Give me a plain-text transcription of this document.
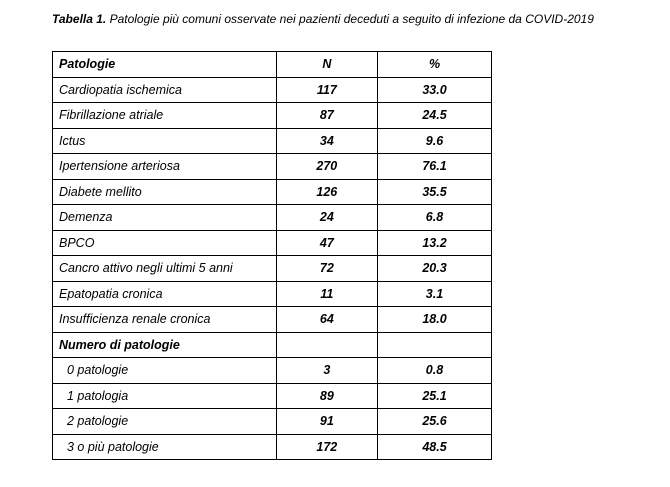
Tabella 1. Patologie più comuni osservate nei pazienti deceduti a seguito di infezione da COVID-2019
Patologie	N	%
Cardiopatia ischemica	117	33.0
Fibrillazione atriale	87	24.5
Ictus	34	9.6
Ipertensione arteriosa	270	76.1
Diabete mellito	126	35.5
Demenza	24	6.8
BPCO	47	13.2
Cancro attivo negli ultimi 5 anni	72	20.3
Epatopatia cronica	11	3.1
Insufficienza renale cronica	64	18.0
Numero di patologie		
0 patologie	3	0.8
1 patologia	89	25.1
2 patologie	91	25.6
3 o più patologie	172	48.5
